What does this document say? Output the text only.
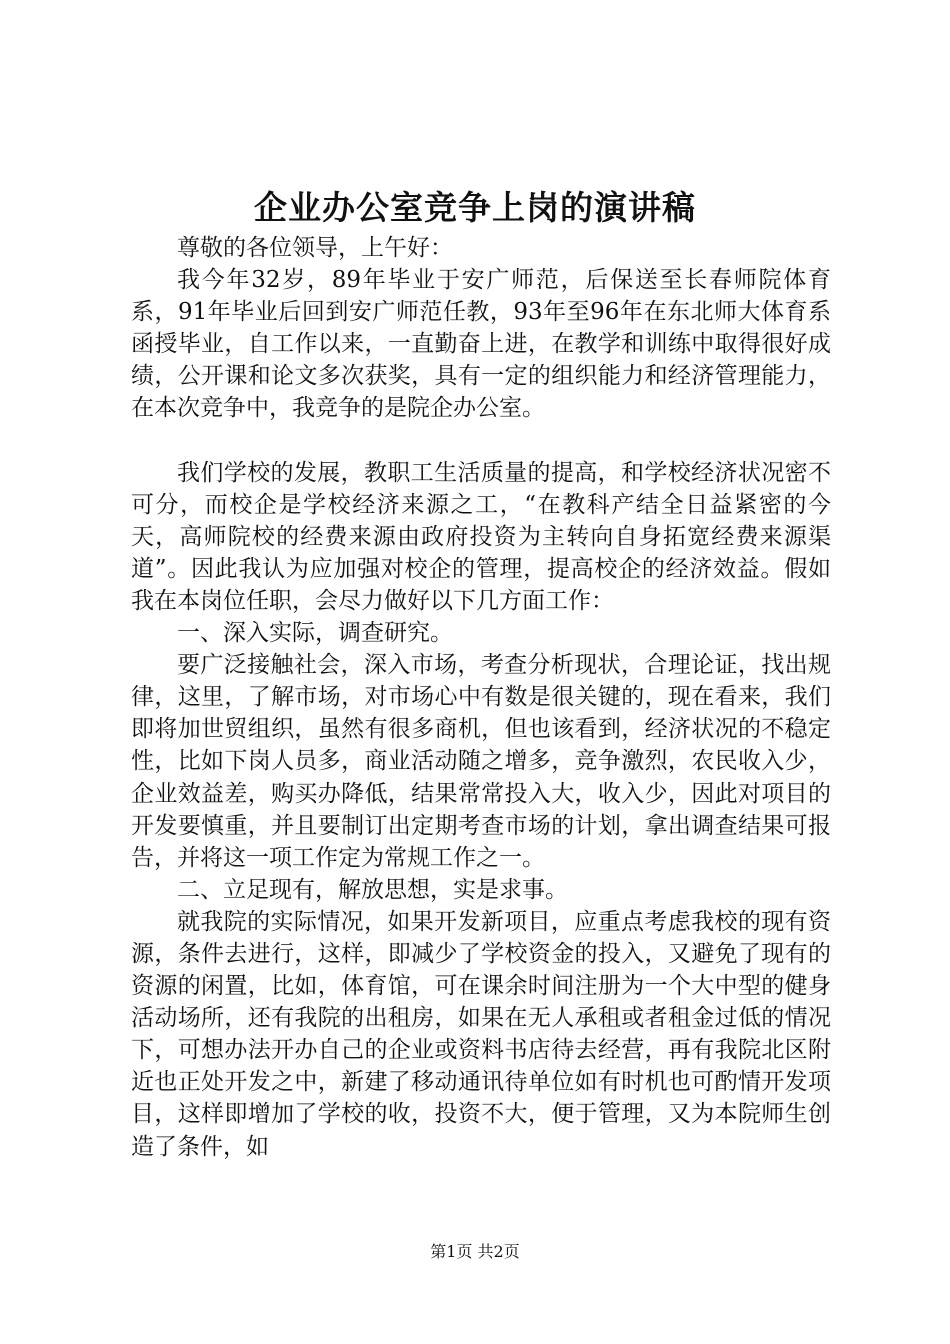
企业办公室竞争上岗的演讲稿

尊敬的各位领导，上午好：

我今年32岁，89年毕业于安广师范，后保送至长春师院体育系，91年毕业后回到安广师范任教，93年至96年在东北师大体育系函授毕业，自工作以来，一直勤奋上进，在教学和训练中取得很好成绩，公开课和论文多次获奖，具有一定的组织能力和经济管理能力，在本次竞争中，我竞争的是院企办公室。

我们学校的发展，教职工生活质量的提高，和学校经济状况密不可分，而校企是学校经济来源之工，“在教科产结全日益紧密的今天，高师院校的经费来源由政府投资为主转向自身拓宽经费来源渠道”。因此我认为应加强对校企的管理，提高校企的经济效益。假如我在本岗位任职，会尽力做好以下几方面工作：

一、深入实际，调查研究。

要广泛接触社会，深入市场，考查分析现状，合理论证，找出规律，这里，了解市场，对市场心中有数是很关键的，现在看来，我们即将加世贸组织，虽然有很多商机，但也该看到，经济状况的不稳定性，比如下岗人员多，商业活动随之增多，竞争激烈，农民收入少，企业效益差，购买办降低，结果常常投入大，收入少，因此对项目的开发要慎重，并且要制订出定期考查市场的计划，拿出调查结果可报告，并将这一项工作定为常规工作之一。

二、立足现有，解放思想，实是求事。

就我院的实际情况，如果开发新项目，应重点考虑我校的现有资源，条件去进行，这样，即减少了学校资金的投入，又避免了现有的资源的闲置，比如，体育馆，可在课余时间注册为一个大中型的健身活动场所，还有我院的出租房，如果在无人承租或者租金过低的情况下，可想办法开办自己的企业或资料书店待去经营，再有我院北区附近也正处开发之中，新建了移动通讯待单位如有时机也可酌情开发项目，这样即增加了学校的收，投资不大，便于管理，又为本院师生创造了条件，如

第1页 共2页
